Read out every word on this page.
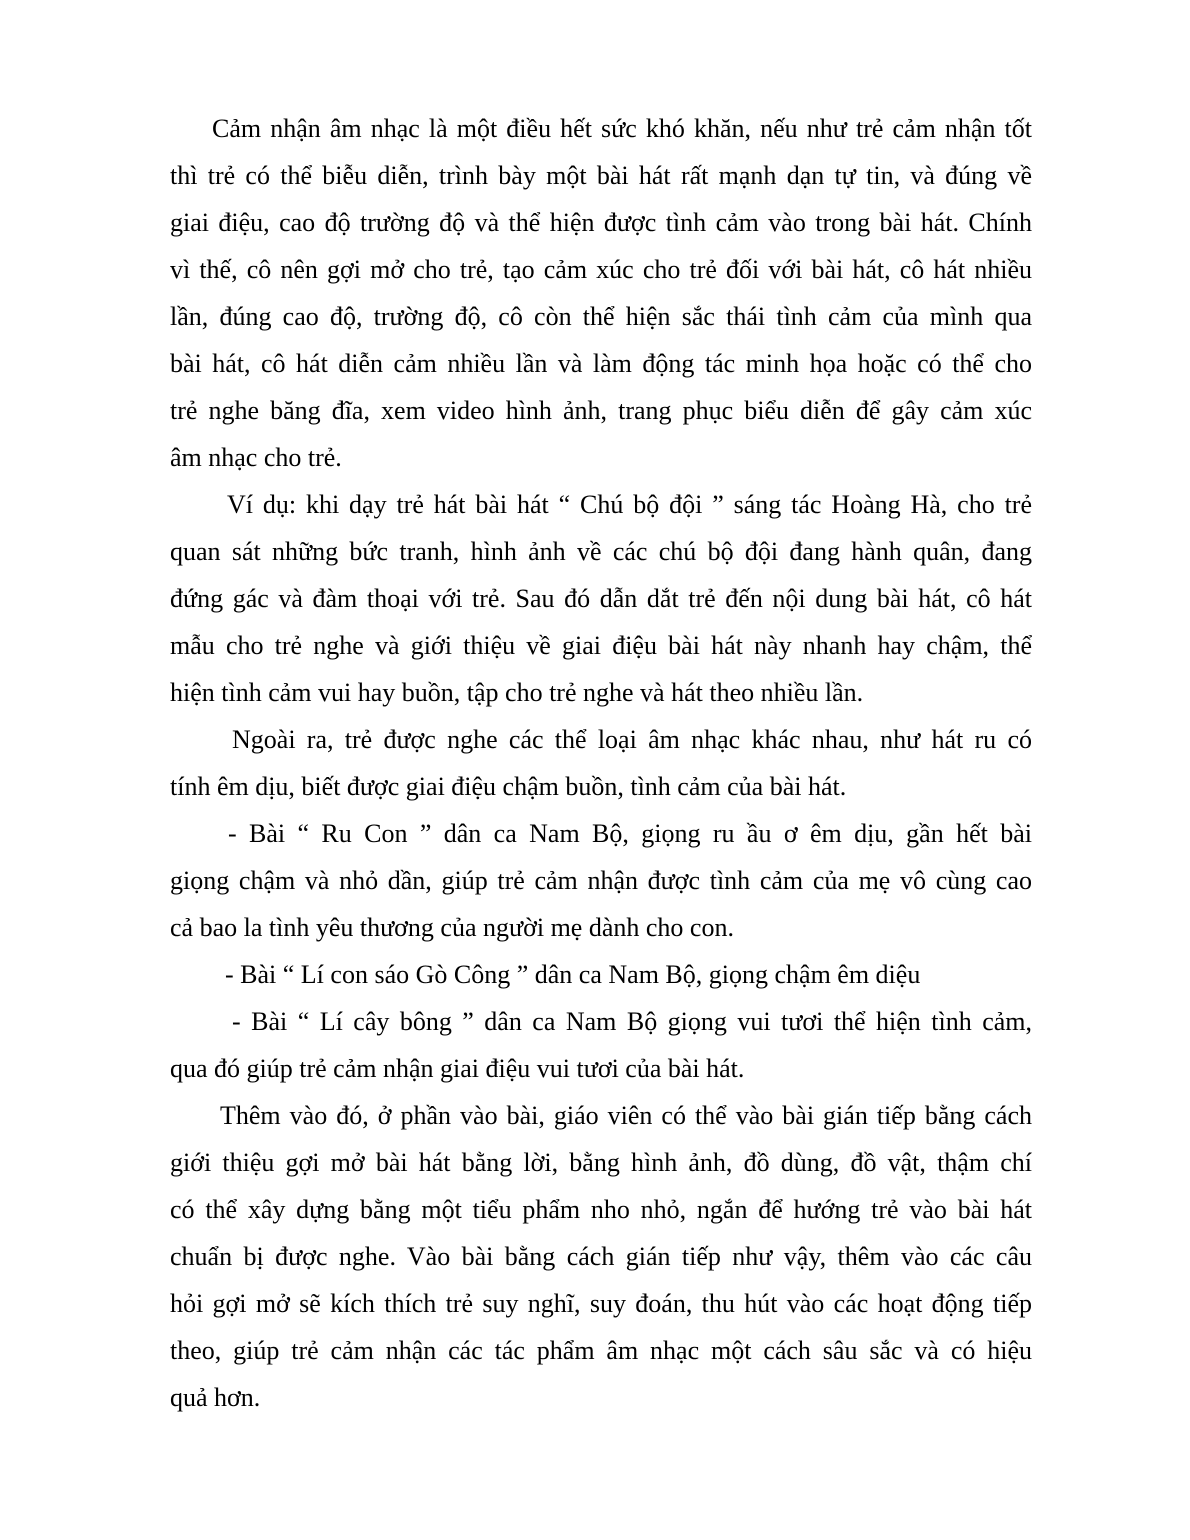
Cảm nhận âm nhạc là một điều hết sức khó khăn, nếu như trẻ cảm nhận tốt
thì trẻ có thể biễu diễn, trình bày một bài hát rất mạnh dạn tự tin, và đúng về
giai điệu, cao độ trường độ và thể hiện được tình cảm vào trong bài hát. Chính
vì thế, cô nên gợi mở cho trẻ, tạo cảm xúc cho trẻ đối với bài hát, cô hát nhiều
lần, đúng cao độ, trường độ, cô còn thể hiện sắc thái tình cảm của mình qua
bài hát, cô hát diễn cảm nhiều lần và làm động tác minh họa hoặc có thể cho
trẻ nghe băng đĩa, xem video hình ảnh, trang phục biểu diễn để gây cảm xúc
âm nhạc cho trẻ.
Ví dụ: khi dạy trẻ hát bài hát “ Chú bộ đội ” sáng tác Hoàng Hà, cho trẻ
quan sát những bức tranh, hình ảnh về các chú bộ đội đang hành quân, đang
đứng gác và đàm thoại với trẻ. Sau đó dẫn dắt trẻ đến nội dung bài hát, cô hát
mẫu cho trẻ nghe và giới thiệu về giai điệu bài hát này nhanh hay chậm, thể
hiện tình cảm vui hay buồn, tập cho trẻ nghe và hát theo nhiều lần.
Ngoài ra, trẻ được nghe các thể loại âm nhạc khác nhau, như hát ru có
tính êm dịu, biết được giai điệu chậm buồn, tình cảm của bài hát.
- Bài “ Ru Con ” dân ca Nam Bộ, giọng ru ầu ơ êm dịu, gần hết bài
giọng chậm và nhỏ dần, giúp trẻ cảm nhận được tình cảm của mẹ vô cùng cao
cả bao la tình yêu thương của người mẹ dành cho con.
- Bài “ Lí con sáo Gò Công ” dân ca Nam Bộ, giọng chậm êm diệu
- Bài “ Lí cây bông ” dân ca Nam Bộ giọng vui tươi thể hiện tình cảm,
qua đó giúp trẻ cảm nhận giai điệu vui tươi của bài hát.
Thêm vào đó, ở phần vào bài, giáo viên có thể vào bài gián tiếp bằng cách
giới thiệu gợi mở bài hát bằng lời, bằng hình ảnh, đồ dùng, đồ vật, thậm chí
có thể xây dựng bằng một tiểu phẩm nho nhỏ, ngắn để hướng trẻ vào bài hát
chuẩn bị được nghe. Vào bài bằng cách gián tiếp như vậy, thêm vào các câu
hỏi gợi mở sẽ kích thích trẻ suy nghĩ, suy đoán, thu hút vào các hoạt động tiếp
theo, giúp trẻ cảm nhận các tác phẩm âm nhạc một cách sâu sắc và có hiệu
quả hơn.
